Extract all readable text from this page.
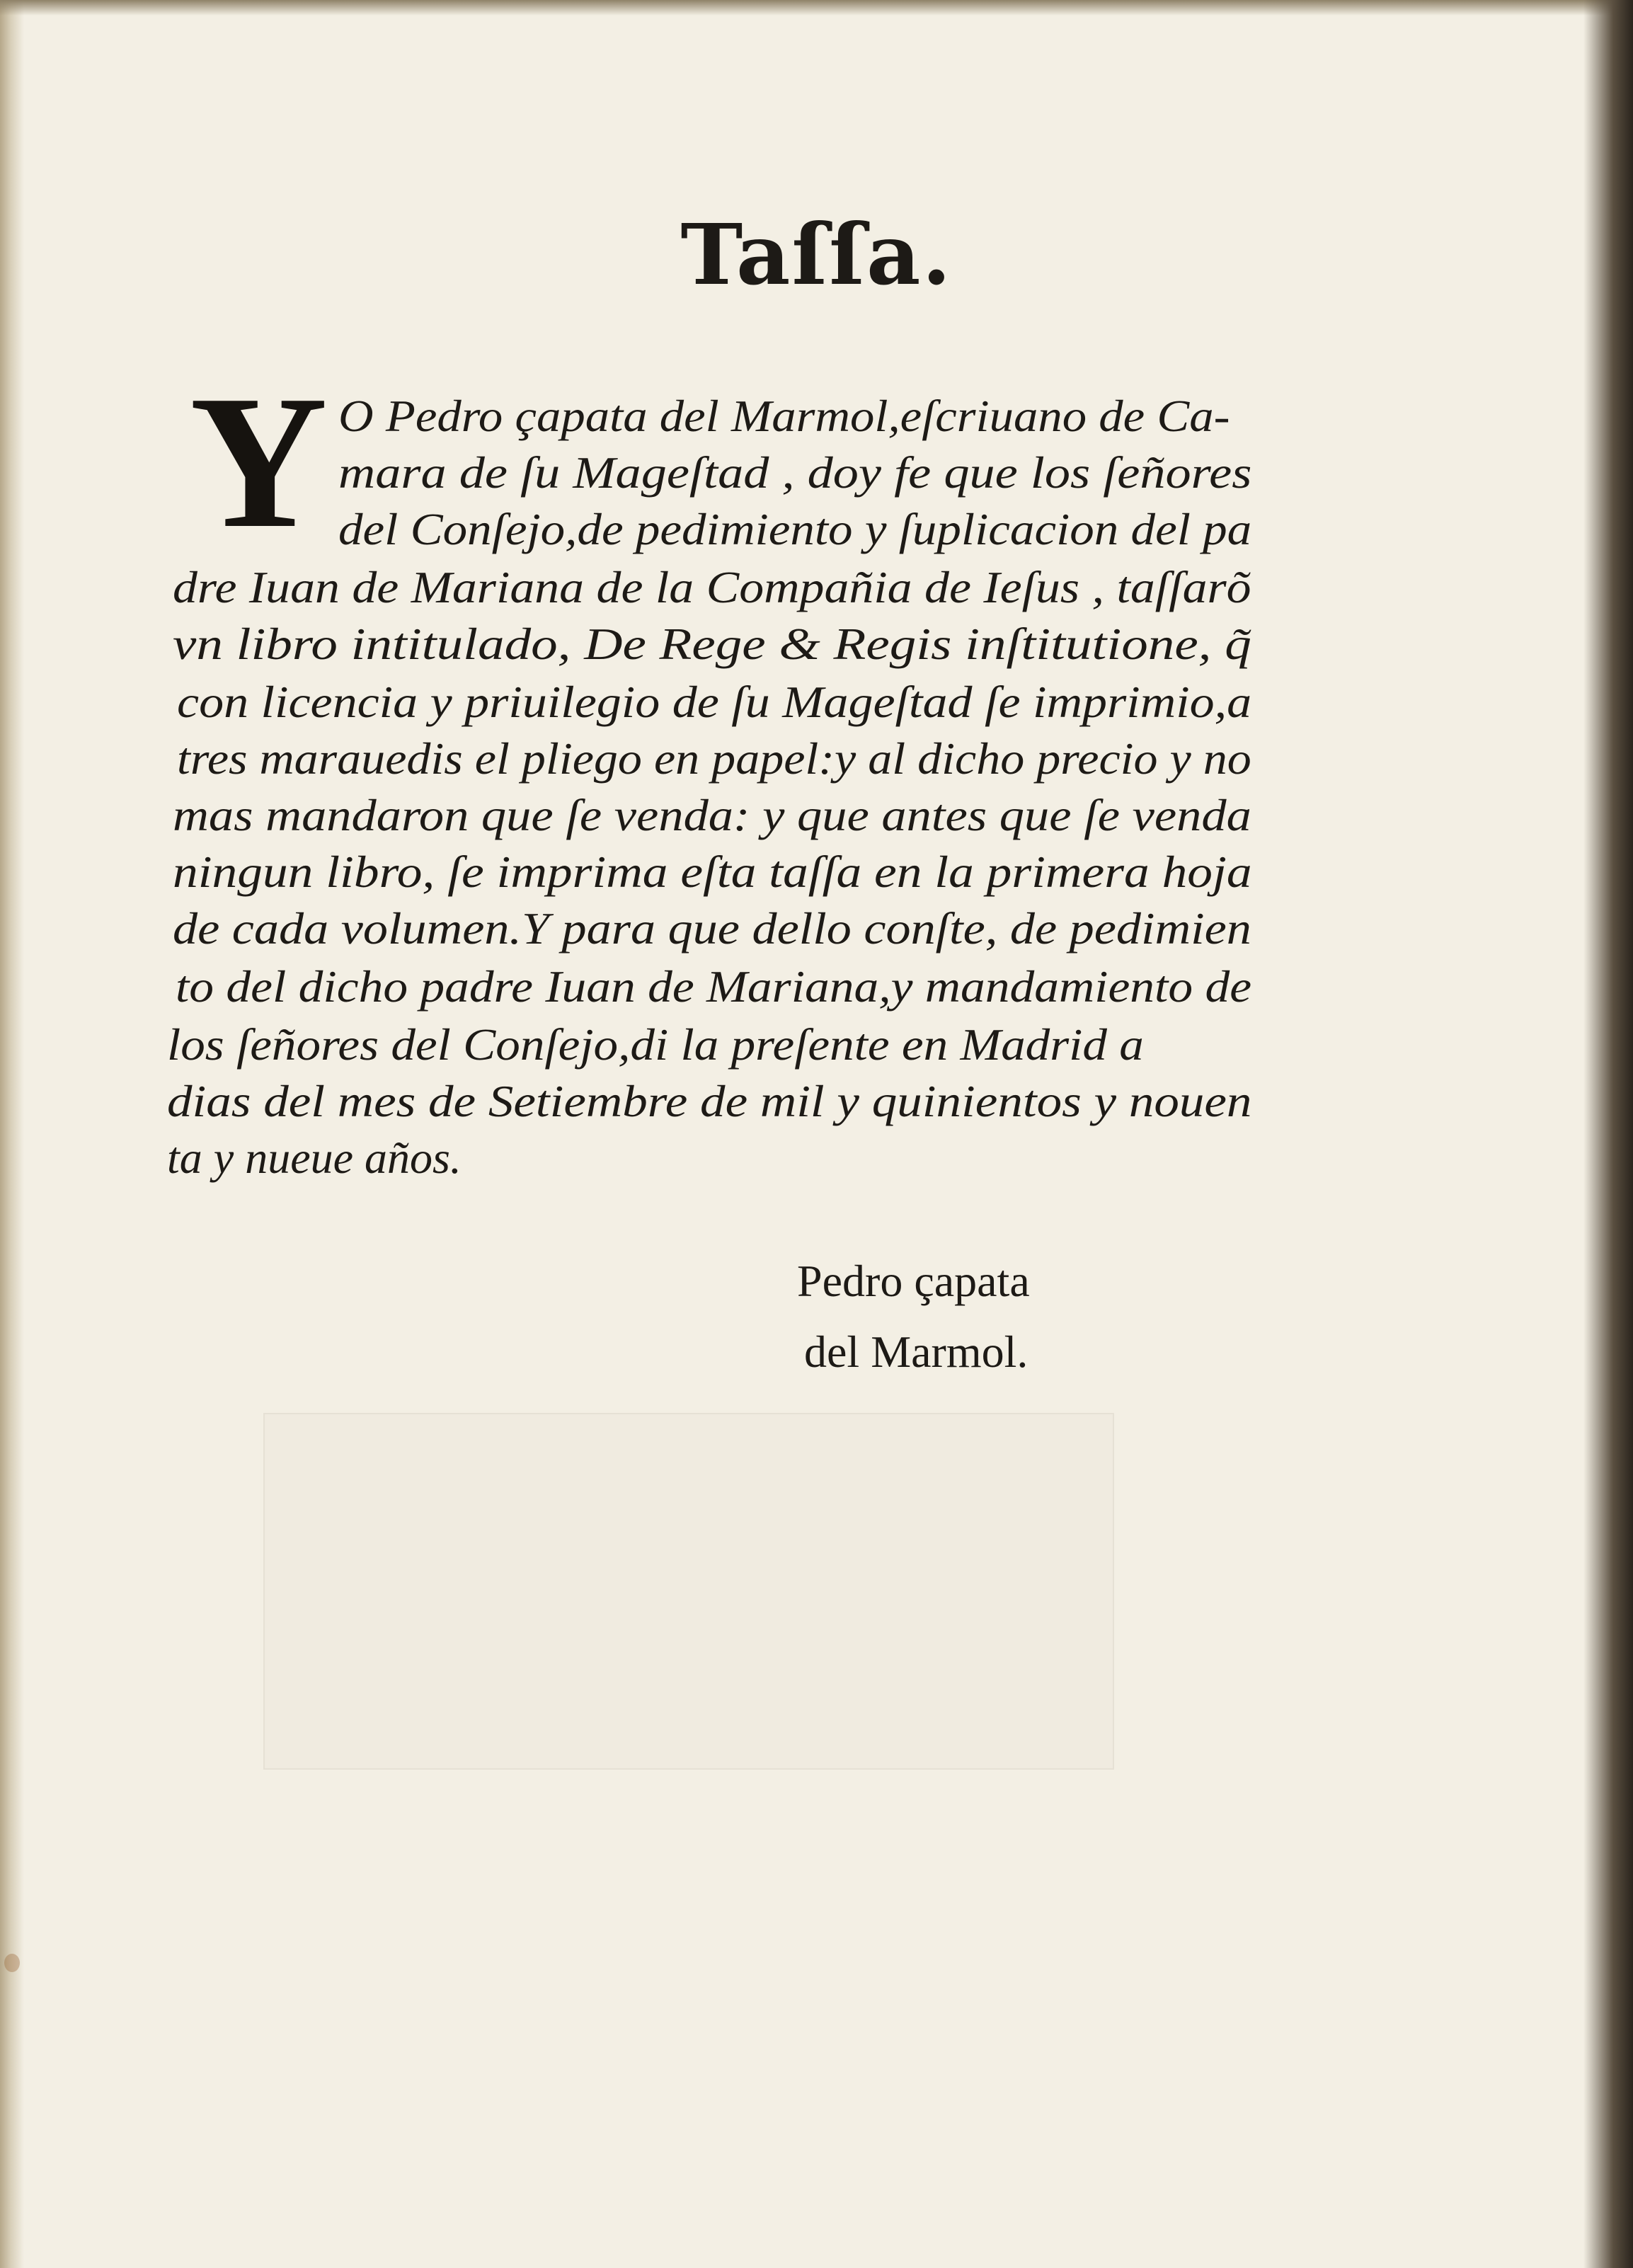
Taſſa.
Y O Pedro çapata del Marmol,eſcriuano de Ca-
mara de ſu Mageſtad , doy fe que los ſeñores
del Conſejo,de pedimiento y ſuplicacion del pa
dre Iuan de Mariana de la Compañia de Ieſus , taſſarõ
vn libro intitulado, De Rege & Regis inſtitutione, q̃
con licencia y priuilegio de ſu Mageſtad ſe imprimio,a
tres marauedis el pliego en papel:y al dicho precio y no
mas mandaron que ſe venda: y que antes que ſe venda
ningun libro, ſe imprima eſta taſſa en la primera hoja
de cada volumen.Y para que dello conſte, de pedimien
to del dicho padre Iuan de Mariana,y mandamiento de
los ſeñores del Conſejo,di la preſente en Madrid a
dias del mes de Setiembre de mil y quinientos y nouen
ta y nueue años.
Pedro çapata
del Marmol.
